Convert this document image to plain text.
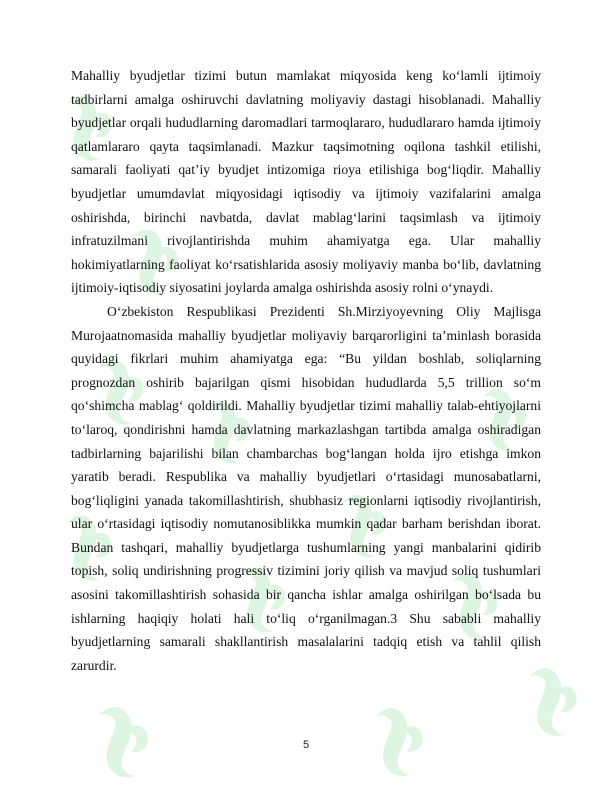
Mahalliy byudjetlar tizimi butun mamlakat miqyosida keng koʻlamli ijtimoiy tadbirlarni amalga oshiruvchi davlatning moliyaviy dastagi hisoblanadi. Mahalliy byudjetlar orqali hududlarning daromadlari tarmoqlararo, hududlararo hamda ijtimoiy qatlamlararo qayta taqsimlanadi. Mazkur taqsimotning oqilona tashkil etilishi, samarali faoliyati qatʼiy byudjet intizomiga rioya etilishiga bogʻliqdir. Mahalliy byudjetlar umumdavlat miqyosidagi iqtisodiy va ijtimoiy vazifalarini amalga oshirishda, birinchi navbatda, davlat mablagʻlarini taqsimlash va ijtimoiy infratuzilmani rivojlantirishda muhim ahamiyatga ega. Ular mahalliy hokimiyatlarning faoliyat koʻrsatishlarida asosiy moliyaviy manba boʻlib, davlatning ijtimoiy-iqtisodiy siyosatini joylarda amalga oshirishda asosiy rolni oʻynaydi.

Oʻzbekiston Respublikasi Prezidenti Sh.Mirziyoyevning Oliy Majlisga Murojaatnomasida mahalliy byudjetlar moliyaviy barqarorligini taʼminlash borasida quyidagi fikrlari muhim ahamiyatga ega: “Bu yildan boshlab, soliqlarning prognozdan oshirib bajarilgan qismi hisobidan hududlarda 5,5 trillion soʻm qoʻshimcha mablagʻ qoldirildi. Mahalliy byudjetlar tizimi mahalliy talab-ehtiyojlarni toʻlaroq, qondirishni hamda davlatning markazlashgan tartibda amalga oshiradigan tadbirlarning bajarilishi bilan chambarchas bogʻlangan holda ijro etishga imkon yaratib beradi. Respublika va mahalliy byudjetlari oʻrtasidagi munosabatlarni, bogʻliqligini yanada takomillashtirish, shubhasiz regionlarni iqtisodiy rivojlantirish, ular oʻrtasidagi iqtisodiy nomutanosiblikka mumkin qadar barham berishdan iborat. Bundan tashqari, mahalliy byudjetlarga tushumlarning yangi manbalarini qidirib topish, soliq undirishning progressiv tizimini joriy qilish va mavjud soliq tushumlari asosini takomillashtirish sohasida bir qancha ishlar amalga oshirilgan boʻlsada bu ishlarning haqiqiy holati hali toʻliq oʻrganilmagan.3 Shu sababli mahalliy byudjetlarning samarali shakllantirish masalalarini tadqiq etish va tahlil qilish zarurdir.

5
